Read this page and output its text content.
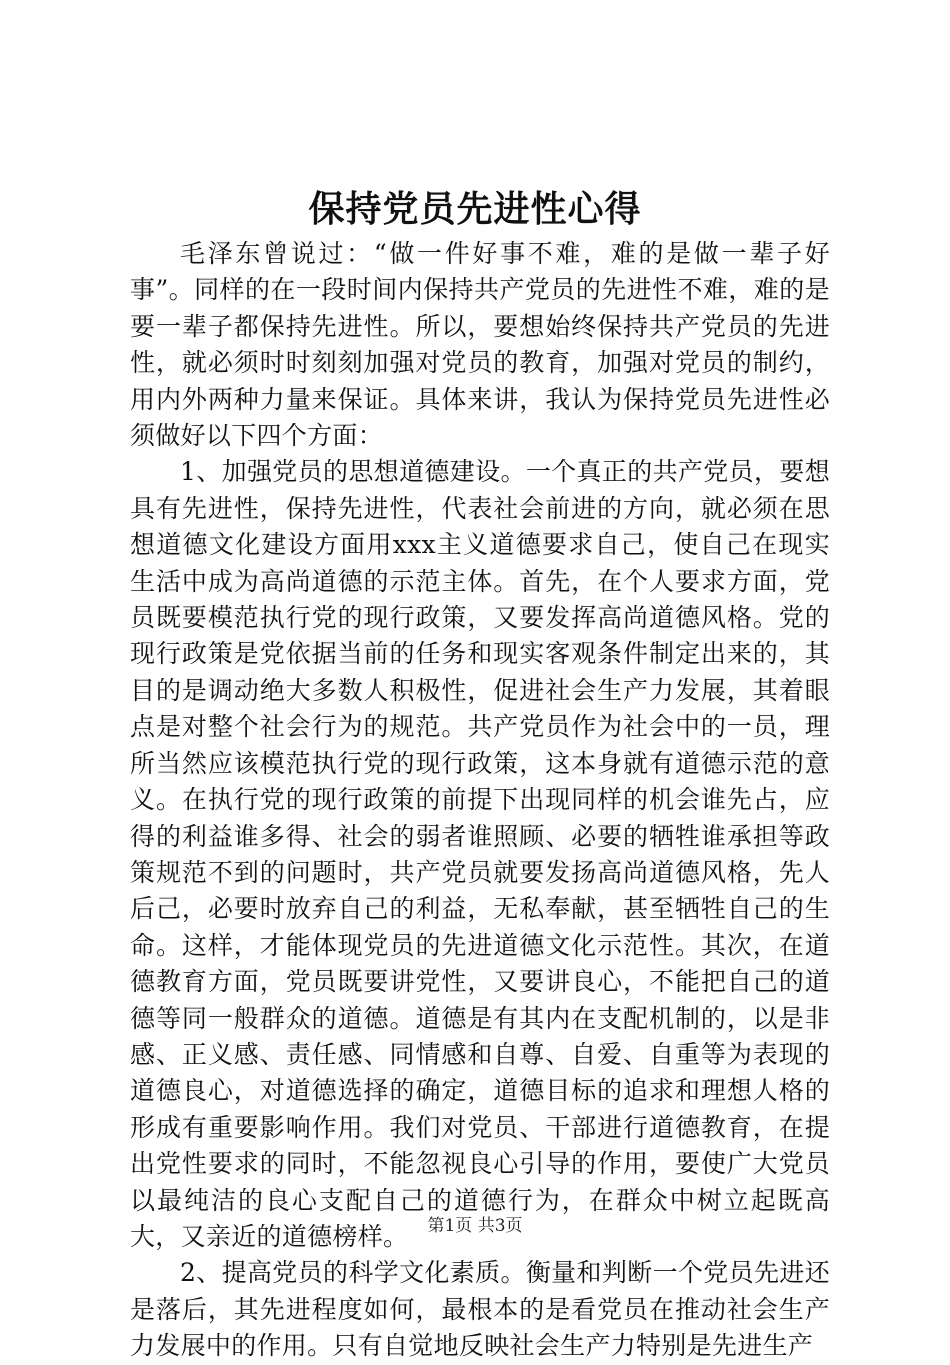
保持党员先进性心得

毛泽东曾说过：“做一件好事不难，难的是做一辈子好事”。同样的在一段时间内保持共产党员的先进性不难，难的是要一辈子都保持先进性。所以，要想始终保持共产党员的先进性，就必须时时刻刻加强对党员的教育，加强对党员的制约，用内外两种力量来保证。具体来讲，我认为保持党员先进性必须做好以下四个方面：

1、加强党员的思想道德建设。一个真正的共产党员，要想具有先进性，保持先进性，代表社会前进的方向，就必须在思想道德文化建设方面用xxx主义道德要求自己，使自己在现实生活中成为高尚道德的示范主体。首先，在个人要求方面，党员既要模范执行党的现行政策，又要发挥高尚道德风格。党的现行政策是党依据当前的任务和现实客观条件制定出来的，其目的是调动绝大多数人积极性，促进社会生产力发展，其着眼点是对整个社会行为的规范。共产党员作为社会中的一员，理所当然应该模范执行党的现行政策，这本身就有道德示范的意义。在执行党的现行政策的前提下出现同样的机会谁先占，应得的利益谁多得、社会的弱者谁照顾、必要的牺牲谁承担等政策规范不到的问题时，共产党员就要发扬高尚道德风格，先人后己，必要时放弃自己的利益，无私奉献，甚至牺牲自己的生命。这样，才能体现党员的先进道德文化示范性。其次，在道德教育方面，党员既要讲党性，又要讲良心，不能把自己的道德等同一般群众的道德。道德是有其内在支配机制的，以是非感、正义感、责任感、同情感和自尊、自爱、自重等为表现的道德良心，对道德选择的确定，道德目标的追求和理想人格的形成有重要影响作用。我们对党员、干部进行道德教育，在提出党性要求的同时，不能忽视良心引导的作用，要使广大党员以最纯洁的良心支配自己的道德行为，在群众中树立起既高大，又亲近的道德榜样。

2、提高党员的科学文化素质。衡量和判断一个党员先进还是落后，其先进程度如何，最根本的是看党员在推动社会生产力发展中的作用。只有自觉地反映社会生产力特别是先进生产

第1页 共3页
